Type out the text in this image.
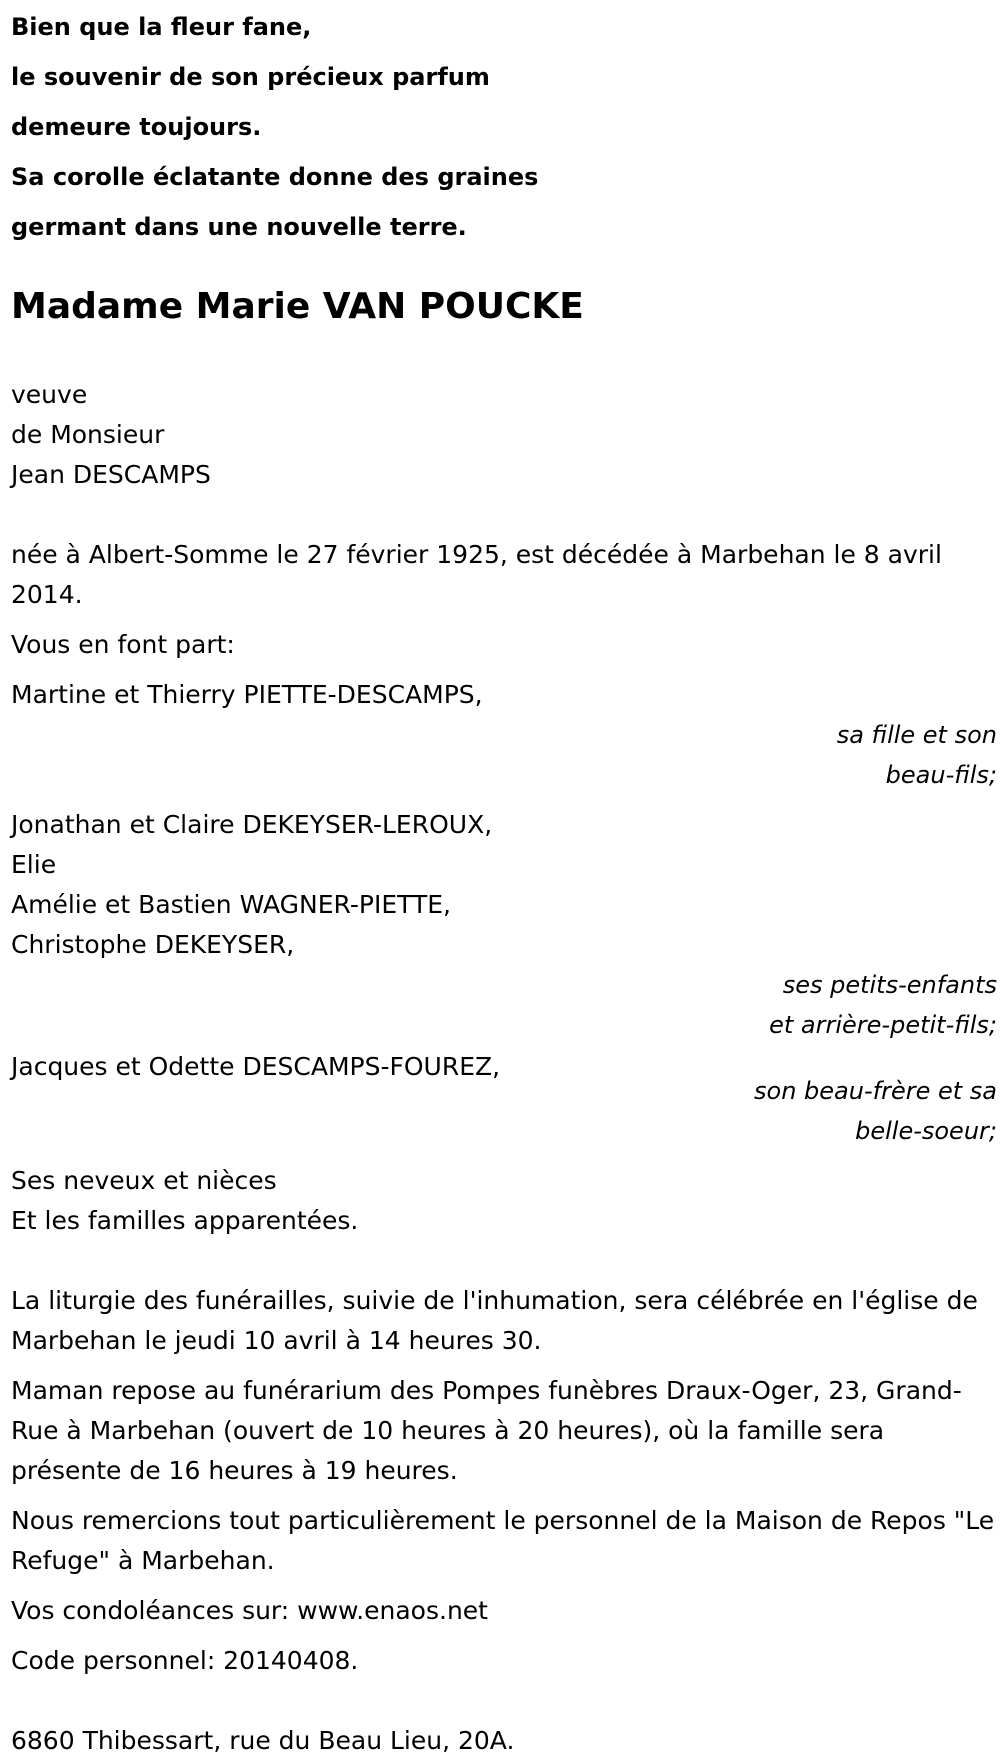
Bien que la fleur fane,
le souvenir de son précieux parfum
demeure toujours.
Sa corolle éclatante donne des graines
germant dans une nouvelle terre.
Madame Marie VAN POUCKE
veuve
de Monsieur
Jean DESCAMPS
née à Albert-Somme le 27 février 1925, est décédée à Marbehan le 8 avril 2014.
Vous en font part:
Martine et Thierry PIETTE-DESCAMPS,
sa fille et son
beau-fils;
Jonathan et Claire DEKEYSER-LEROUX,
Elie
Amélie et Bastien WAGNER-PIETTE,
Christophe DEKEYSER,
ses petits-enfants
et arrière-petit-fils;
Jacques et Odette DESCAMPS-FOUREZ,
son beau-frère et sa
belle-soeur;
Ses neveux et nièces
Et les familles apparentées.
La liturgie des funérailles, suivie de l'inhumation, sera célébrée en l'église de Marbehan le jeudi 10 avril à 14 heures 30.
Maman repose au funérarium des Pompes funèbres Draux-Oger, 23, Grand-Rue à Marbehan (ouvert de 10 heures à 20 heures), où la famille sera présente de 16 heures à 19 heures.
Nous remercions tout particulièrement le personnel de la Maison de Repos "Le Refuge" à Marbehan.
Vos condoléances sur: www.enaos.net
Code personnel: 20140408.
6860 Thibessart, rue du Beau Lieu, 20A.
